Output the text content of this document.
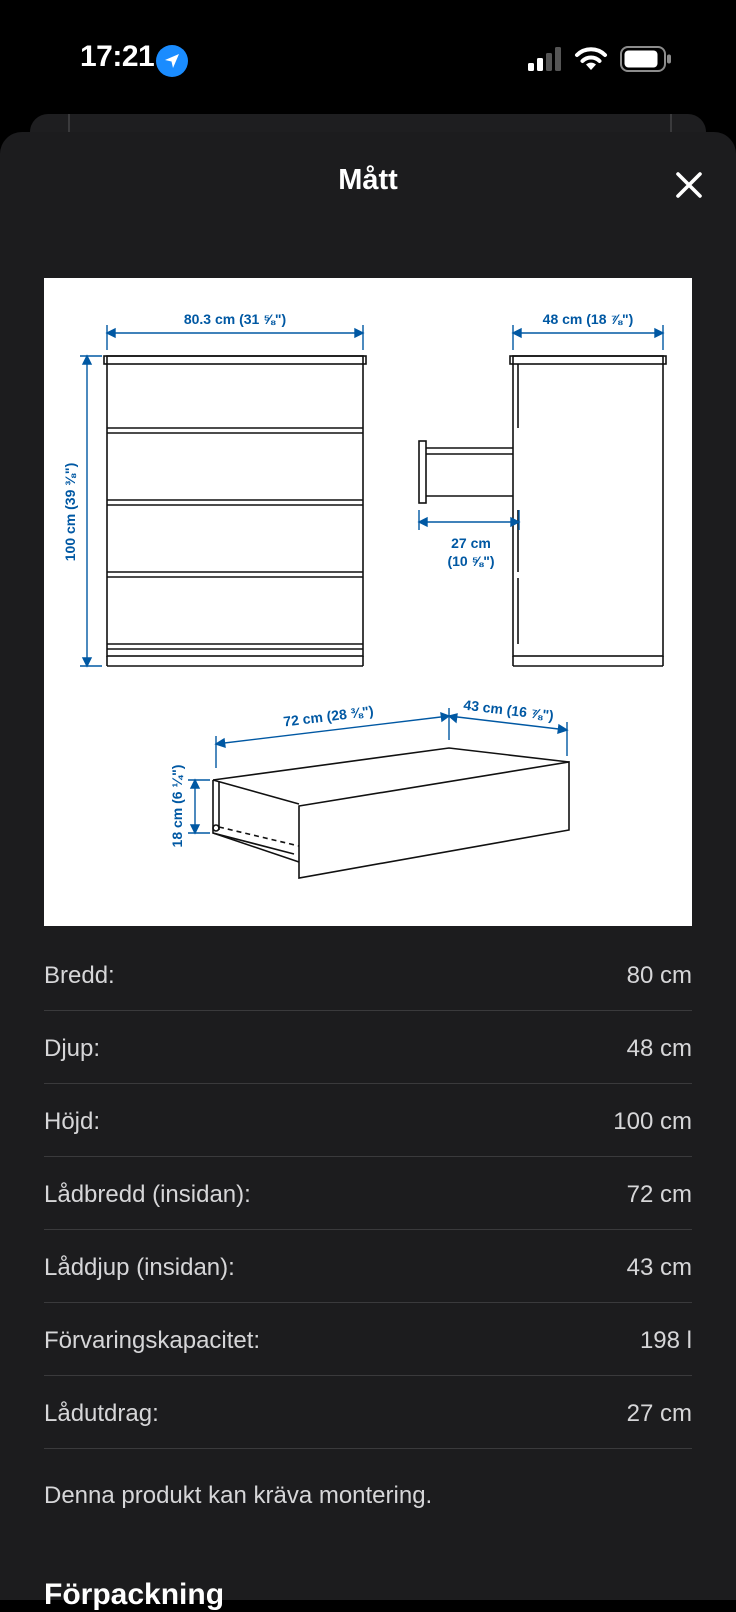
17:21
Mått
80.3 cm (31 ⅝")
100 cm (39 ⅜")
48 cm (18 ⅞")
27 cm
(10 ⅝")
72 cm (28 ⅜")	43 cm (16 ⅞")
18 cm (6 ¼")
Bredd:	80 cm
Djup:	48 cm
Höjd:	100 cm
Lådbredd (insidan):	72 cm
Låddjup (insidan):	43 cm
Förvaringskapacitet:	198 l
Lådutdrag:	27 cm
Denna produkt kan kräva montering.
Förpackning
